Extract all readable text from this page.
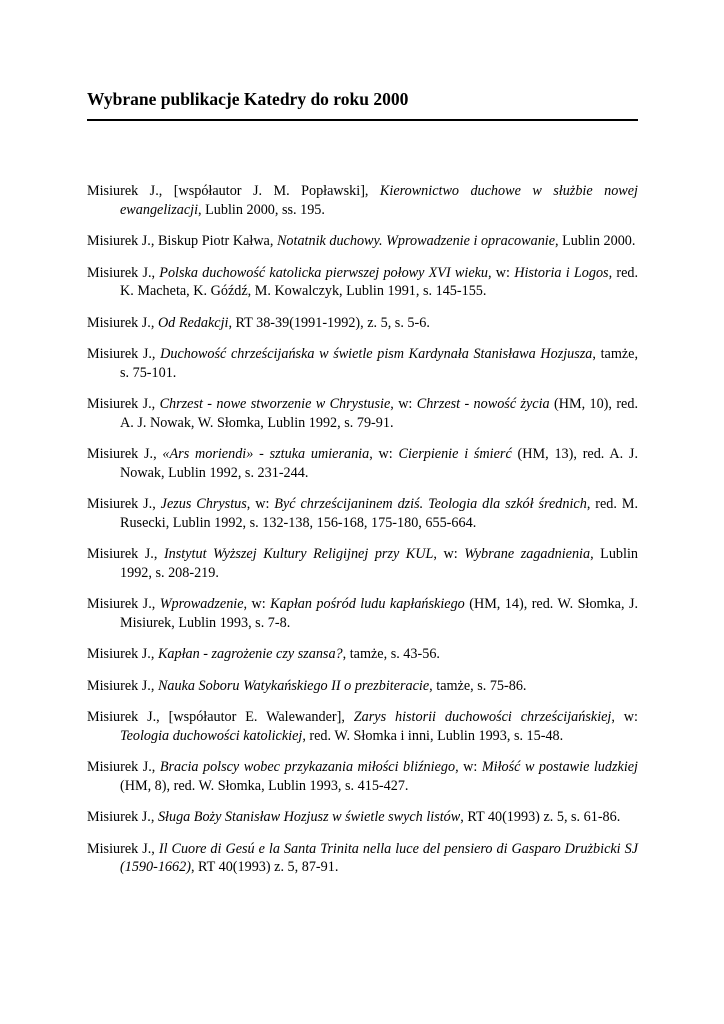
Wybrane publikacje Katedry do roku 2000
Misiurek J., [współautor J. M. Popławski], Kierownictwo duchowe w służbie nowej ewangelizacji, Lublin 2000, ss. 195.
Misiurek J., Biskup Piotr Kałwa, Notatnik duchowy. Wprowadzenie i opracowanie, Lublin 2000.
Misiurek J., Polska duchowość katolicka pierwszej połowy XVI wieku, w: Historia i Logos, red. K. Macheta, K. Góźdź, M. Kowalczyk, Lublin 1991, s. 145-155.
Misiurek J., Od Redakcji, RT 38-39(1991-1992), z. 5, s. 5-6.
Misiurek J., Duchowość chrześcijańska w świetle pism Kardynała Stanisława Hozjusza, tamże, s. 75-101.
Misiurek J., Chrzest - nowe stworzenie w Chrystusie, w: Chrzest - nowość życia (HM, 10), red. A. J. Nowak, W. Słomka, Lublin 1992, s. 79-91.
Misiurek J., «Ars moriendi» - sztuka umierania, w: Cierpienie i śmierć (HM, 13), red. A. J. Nowak, Lublin 1992, s. 231-244.
Misiurek J., Jezus Chrystus, w: Być chrześcijaninem dziś. Teologia dla szkół średnich, red. M. Rusecki, Lublin 1992, s. 132-138, 156-168, 175-180, 655-664.
Misiurek J., Instytut Wyższej Kultury Religijnej przy KUL, w: Wybrane zagadnienia, Lublin 1992, s. 208-219.
Misiurek J., Wprowadzenie, w: Kapłan pośród ludu kapłańskiego (HM, 14), red. W. Słomka, J. Misiurek, Lublin 1993, s. 7-8.
Misiurek J., Kapłan - zagrożenie czy szansa?, tamże, s. 43-56.
Misiurek J., Nauka Soboru Watykańskiego II o prezbiteracie, tamże, s. 75-86.
Misiurek J., [współautor E. Walewander], Zarys historii duchowości chrześcijańskiej, w: Teologia duchowości katolickiej, red. W. Słomka i inni, Lublin 1993, s. 15-48.
Misiurek J., Bracia polscy wobec przykazania miłości bliźniego, w: Miłość w postawie ludzkiej (HM, 8), red. W. Słomka, Lublin 1993, s. 415-427.
Misiurek J., Sługa Boży Stanisław Hozjusz w świetle swych listów, RT 40(1993) z. 5, s. 61-86.
Misiurek J., Il Cuore di Gesú e la Santa Trinita nella luce del pensiero di Gasparo Drużbicki SJ (1590-1662), RT 40(1993) z. 5, 87-91.
